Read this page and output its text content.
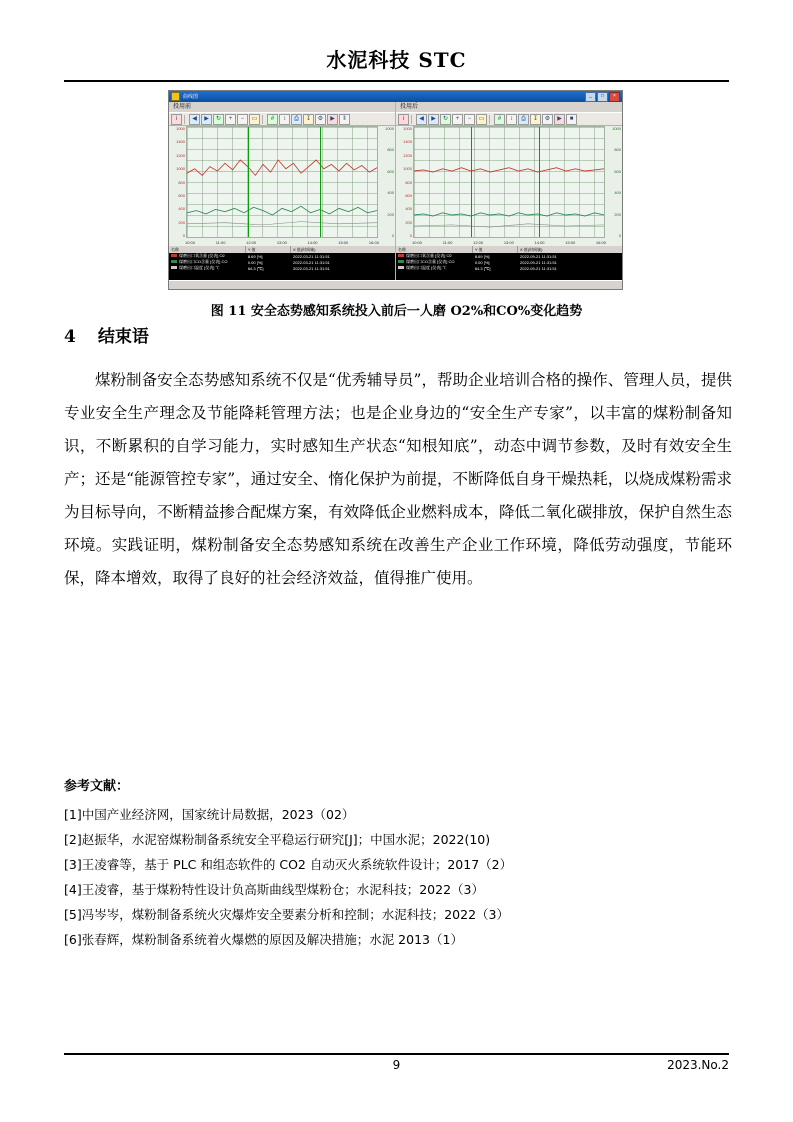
水泥科技 STC
曲线图	_	□	×
投用前
i	◀	▶	↻	+	−	▭	#	↕	⎙	↧	⚙	▶	‖
1000
1400
1200
1000
800
600
400
200
0
1000
800
600
400
200
0
10:00	11:00	12:00	13:00	14:00	15:00	16:00
名称	Y 值	X 值(时间轴)
煤磨出口氧含量 [仪表] O2	8.69 [%]	2022-03-21 11:31:51
煤磨出口CO含量 [仪表] CO	0.00 [%]	2022-03-21 11:31:51
煤磨出口温度 [仪表] ℃	64.3 [℃]	2022-03-21 11:31:51
投用后
i	◀	▶	↻	+	−	▭	#	↕	⎙	↧	⚙	▶	■
1000
1400
1200
1000
800
600
400
200
0
1000
800
600
400
200
0
10:00	11:00	12:00	13:00	14:00	15:00	16:00
名称	Y 值	X 值(时间轴)
煤磨出口氧含量 [仪表] O2	8.69 [%]	2022-09-21 11:31:51
煤磨出口CO含量 [仪表] CO	0.00 [%]	2022-09-21 11:31:51
煤磨出口温度 [仪表] ℃	64.3 [℃]	2022-09-21 11:31:51
图 11 安全态势感知系统投入前后一人磨 O2%和CO%变化趋势
4 结束语
煤粉制备安全态势感知系统不仅是“优秀辅导员”，帮助企业培训合格的操作、管理人员，提供专业安全生产理念及节能降耗管理方法；也是企业身边的“安全生产专家”，以丰富的煤粉制备知识，不断累积的自学习能力，实时感知生产状态“知根知底”，动态中调节参数，及时有效安全生产；还是“能源管控专家”，通过安全、惰化保护为前提，不断降低自身干燥热耗，以烧成煤粉需求为目标导向，不断精益掺合配煤方案，有效降低企业燃料成本，降低二氧化碳排放，保护自然生态环境。实践证明，煤粉制备安全态势感知系统在改善生产企业工作环境，降低劳动强度，节能环保，降本增效，取得了良好的社会经济效益，值得推广使用。
参考文献：
[1]中国产业经济网，国家统计局数据，2023（02）
[2]赵振华，水泥窑煤粉制备系统安全平稳运行研究[J]；中国水泥；2022(10)
[3]王凌睿等，基于 PLC 和组态软件的 CO2 自动灭火系统软件设计；2017（2）
[4]王凌睿，基于煤粉特性设计负高斯曲线型煤粉仓；水泥科技；2022（3）
[5]冯岑岑，煤粉制备系统火灾爆炸安全要素分析和控制；水泥科技；2022（3）
[6]张春辉，煤粉制备系统着火爆燃的原因及解决措施；水泥 2013（1）
9	2023.No.2
